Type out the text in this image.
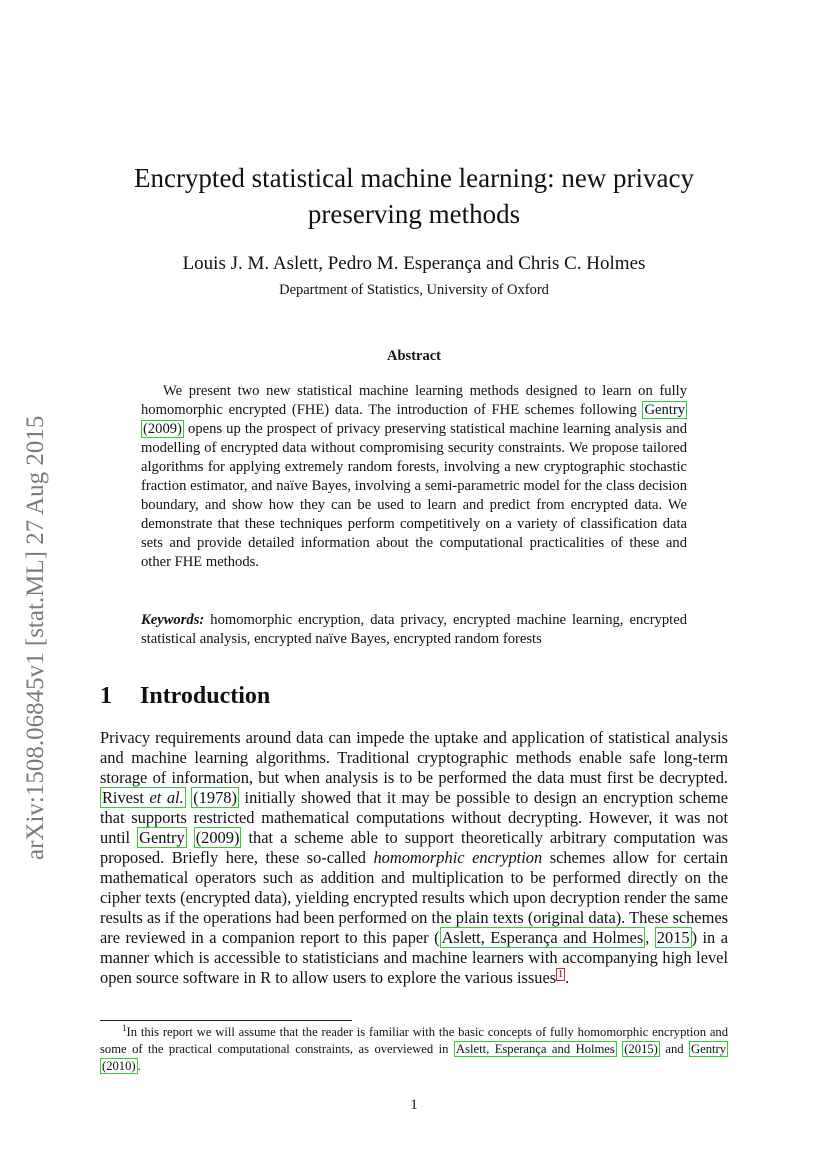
arXiv:1508.06845v1 [stat.ML] 27 Aug 2015
Encrypted statistical machine learning: new privacy
preserving methods
Louis J. M. Aslett, Pedro M. Esperança and Chris C. Holmes
Department of Statistics, University of Oxford
Abstract

We present two new statistical machine learning methods designed to learn on fully homomorphic encrypted (FHE) data. The introduction of FHE schemes following Gentry (2009) opens up the prospect of privacy preserving statistical machine learning analysis and modelling of encrypted data without compromising security constraints. We propose tailored algorithms for applying extremely random forests, involving a new cryptographic stochastic fraction estimator, and naïve Bayes, involving a semi-parametric model for the class decision boundary, and show how they can be used to learn and predict from encrypted data. We demonstrate that these techniques perform competitively on a variety of classification data sets and provide detailed information about the computational practicalities of these and other FHE methods.

Keywords: homomorphic encryption, data privacy, encrypted machine learning, encrypted statistical analysis, encrypted naïve Bayes, encrypted random forests
1 Introduction

Privacy requirements around data can impede the uptake and application of statistical analysis and machine learning algorithms. Traditional cryptographic methods enable safe long-term storage of information, but when analysis is to be performed the data must first be decrypted. Rivest et al. (1978) initially showed that it may be possible to design an encryption scheme that supports restricted mathematical computations without decrypting. However, it was not until Gentry (2009) that a scheme able to support theoretically arbitrary computation was proposed. Briefly here, these so-called homomorphic encryption schemes allow for certain mathematical operators such as addition and multiplication to be performed directly on the cipher texts (encrypted data), yielding encrypted results which upon decryption render the same results as if the operations had been performed on the plain texts (original data). These schemes are reviewed in a companion report to this paper ( Aslett, Esperança and Holmes , 2015 ) in a manner which is accessible to statisticians and machine learners with accompanying high level open source software in R to allow users to explore the various issues $^1$ .

$^1$In this report we will assume that the reader is familiar with the basic concepts of fully homomorphic encryption and some of the practical computational constraints, as overviewed in Aslett, Esperança and Holmes (2015) and Gentry (2010) .

1
